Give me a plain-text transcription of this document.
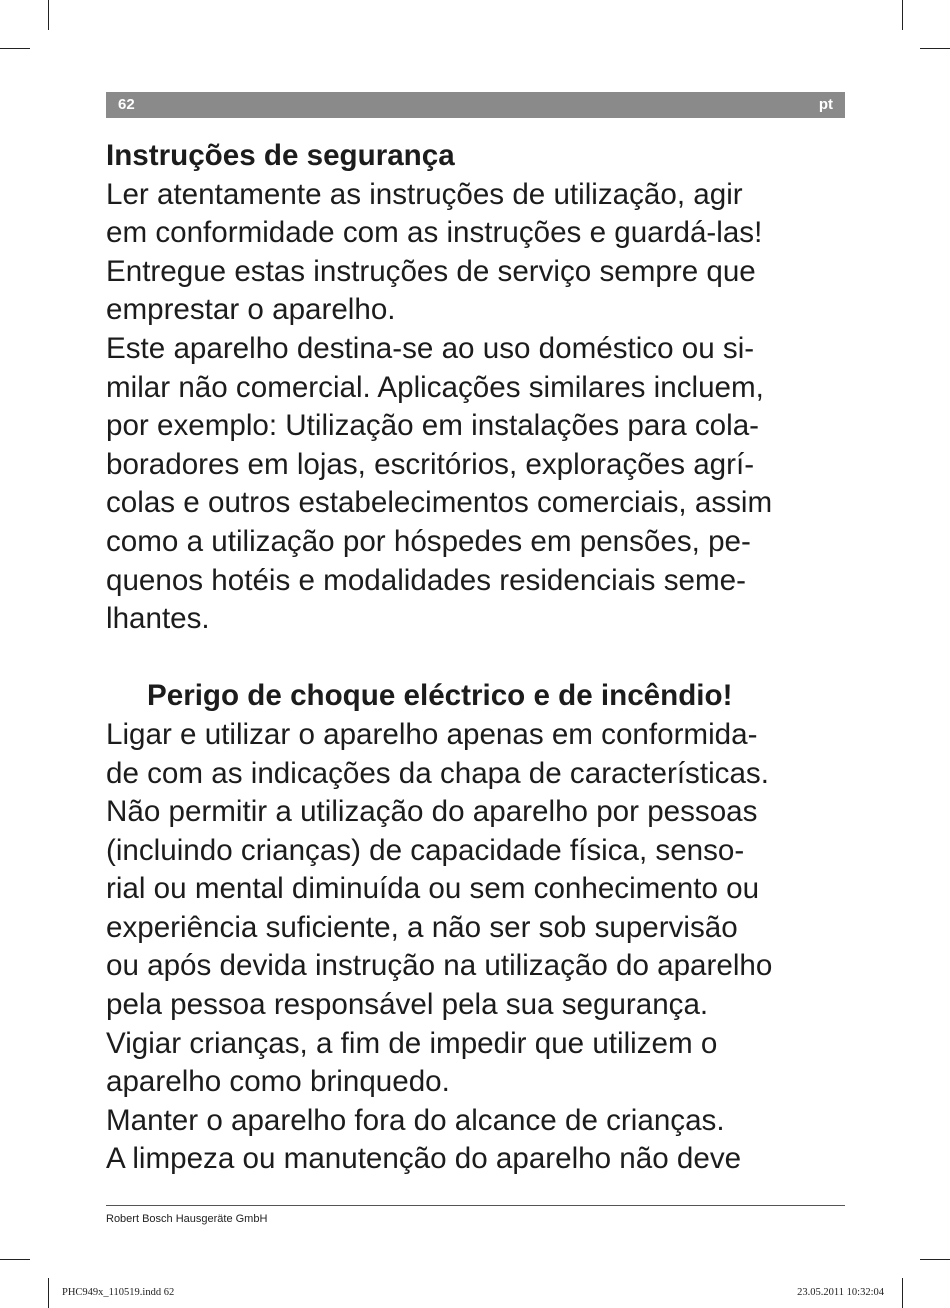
62	pt

Instruções de segurança

Ler atentamente as instruções de utilização, agir

em conformidade com as instruções e guardá-las!

Entregue estas instruções de serviço sempre que

emprestar o aparelho.

Este aparelho destina-se ao uso doméstico ou si-

milar não comercial. Aplicações similares incluem,

por exemplo: Utilização em instalações para cola-

boradores em lojas, escritórios, explorações agrí-

colas e outros estabelecimentos comerciais, assim

como a utilização por hóspedes em pensões, pe-

quenos hotéis e modalidades residenciais seme-

lhantes.

Perigo de choque eléctrico e de incêndio!

Ligar e utilizar o aparelho apenas em conformida-

de com as indicações da chapa de características.

Não permitir a utilização do aparelho por pessoas

(incluindo crianças) de capacidade física, senso-

rial ou mental diminuída ou sem conhecimento ou

experiência suficiente, a não ser sob supervisão

ou após devida instrução na utilização do aparelho

pela pessoa responsável pela sua segurança.

Vigiar crianças, a fim de impedir que utilizem o

aparelho como brinquedo.

Manter o aparelho fora do alcance de crianças.

A limpeza ou manutenção do aparelho não deve

Robert Bosch Hausgeräte GmbH
PHC949x_110519.indd 62	23.05.2011 10:32:04
